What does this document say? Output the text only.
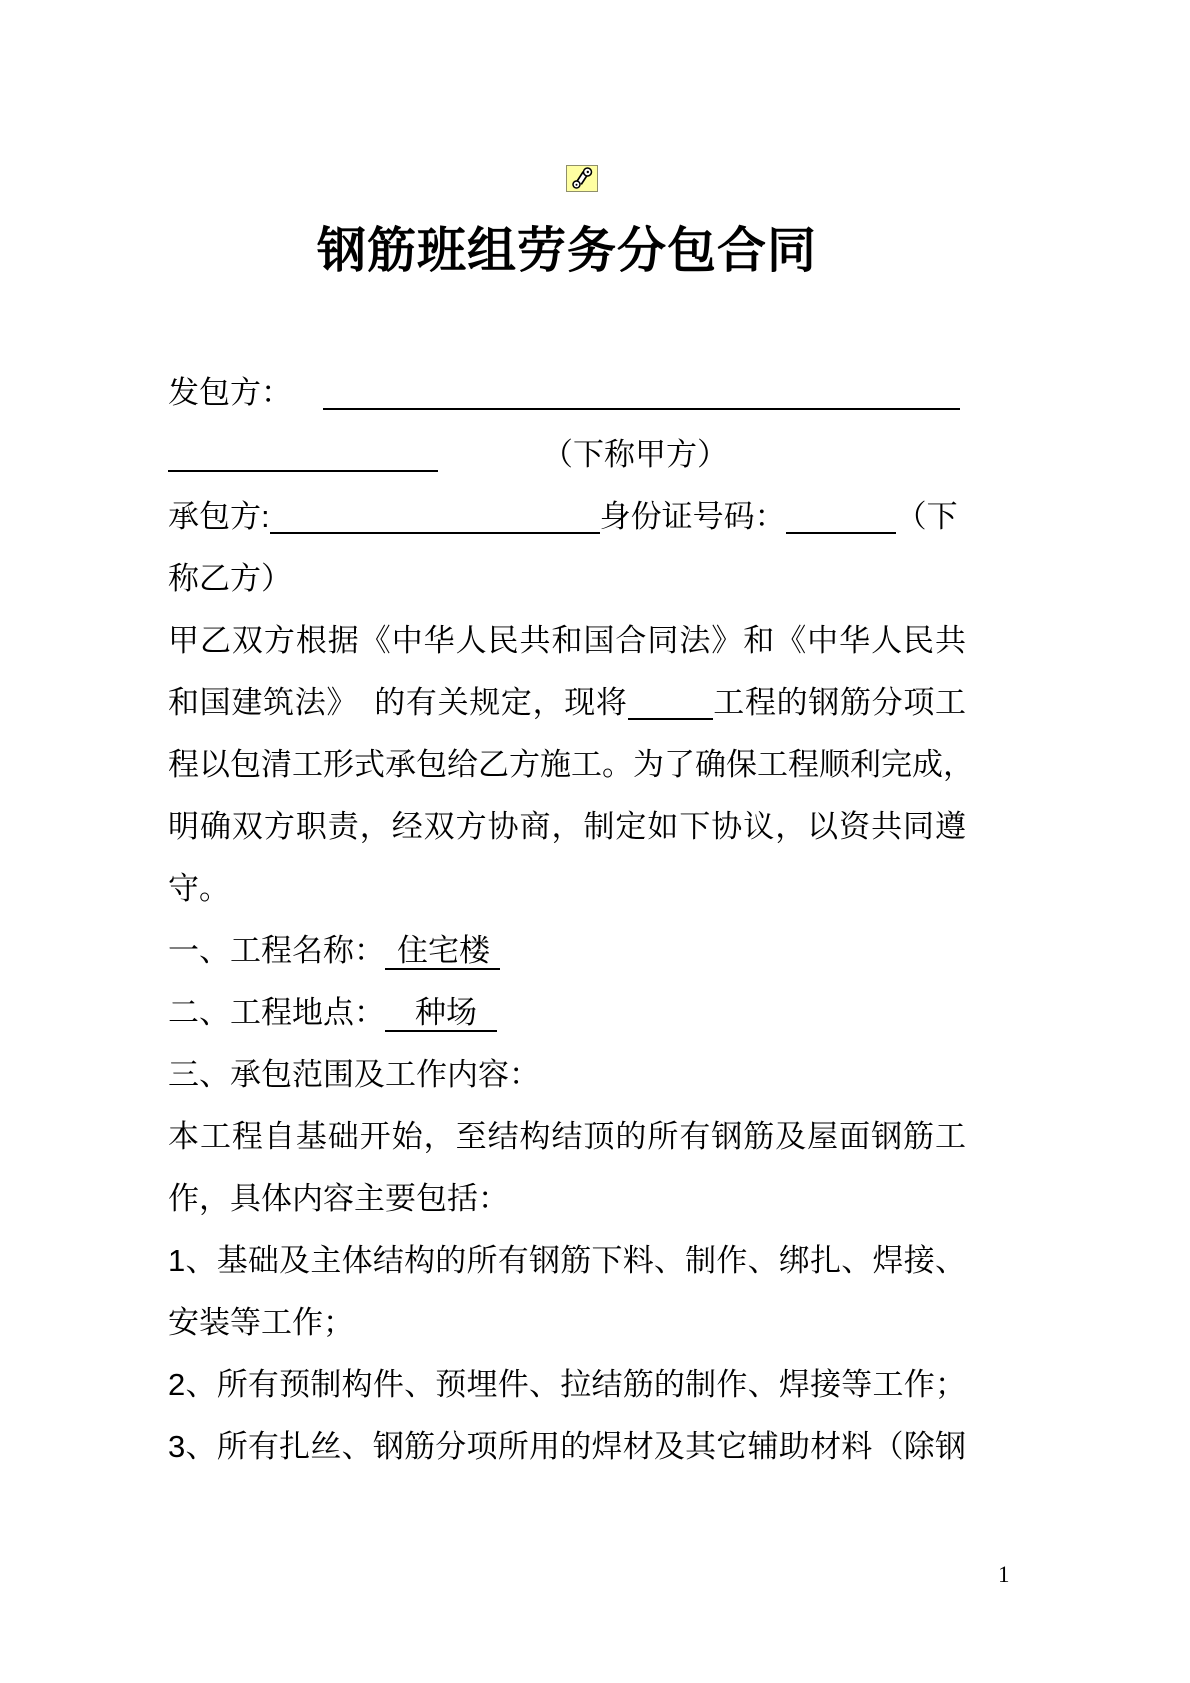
钢筋班组劳务分包合同
发包方：
（下称甲方）
承包方:	身份证号码：	（下
称乙方）
甲乙双方根据《中华人民共和国合同法》和《中华人民共
和国建筑法》　的有关规定，现将	工程的钢筋分项工
程以包清工形式承包给乙方施工。为了确保工程顺利完成，
明确双方职责，经双方协商，制定如下协议，以资共同遵
守。
一、工程名称： 住宅楼
二、工程地点： 种场
三、承包范围及工作内容：
本工程自基础开始，至结构结顶的所有钢筋及屋面钢筋工
作，具体内容主要包括：
1、基础及主体结构的所有钢筋下料、制作、绑扎、焊接、
安装等工作；
2、所有预制构件、预埋件、拉结筋的制作、焊接等工作；
3、所有扎丝、钢筋分项所用的焊材及其它辅助材料（除钢
1
